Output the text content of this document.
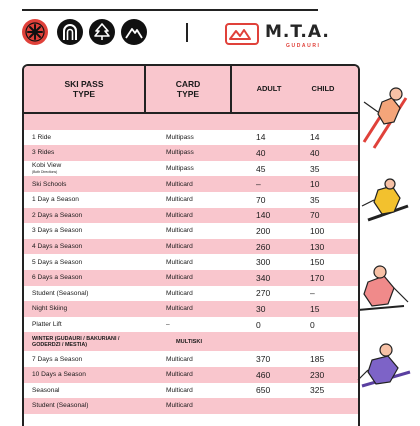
M.T.A.
GUDAURI
SKI PASS TYPE
CARD TYPE
ADULT	CHILD
1 Ride	Multipass	14	14
3 Rides	Multipass	40	40
Kobi View
(Both Directions)	Multipass	45	35
Ski Schools	Multicard	–	10
1 Day a Season	Multicard	70	35
2 Days a Season	Multicard	140	70
3 Days a Season	Multicard	200	100
4 Days a Season	Multicard	260	130
5 Days a Season	Multicard	300	150
6 Days a Season	Multicard	340	170
Student (Seasonal)	Multicard	270	–
Night Skiing	Multicard	30	15
Platter Lift	–	0	0
WINTER (GUDAURI / BAKURIANI / GODERDZI / MESTIA)	MULTISKI
7 Days a Season	Multicard	370	185
10 Days a Season	Multicard	460	230
Seasonal	Multicard	650	325
Student (Seasonal)	Multicard
